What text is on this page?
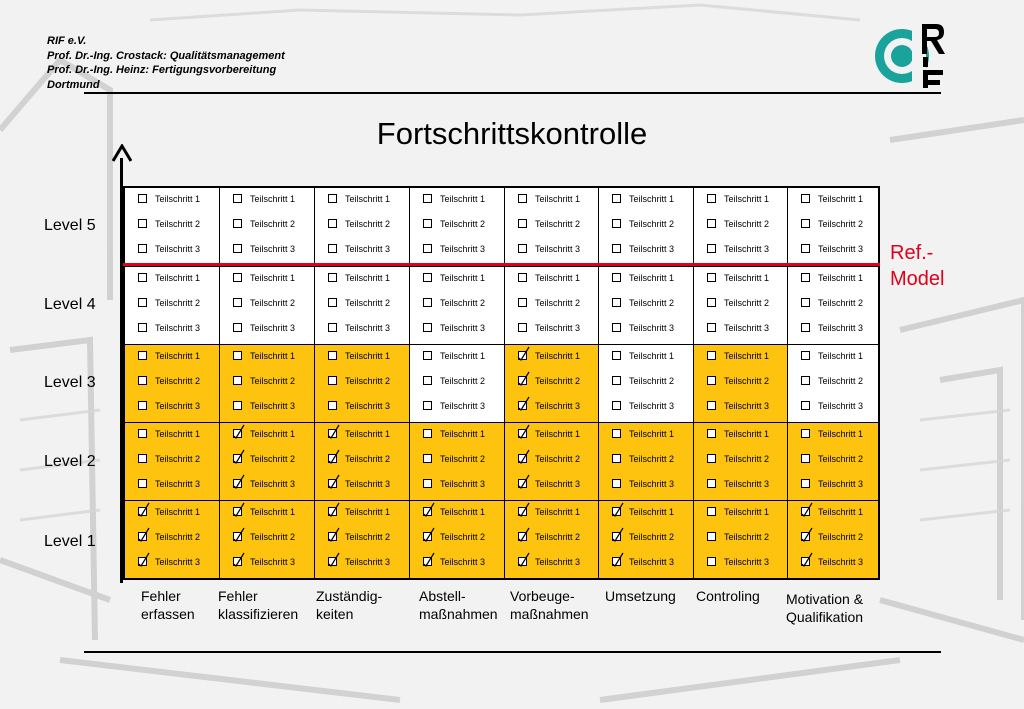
RIF e.V.
Prof. Dr.-Ing. Crostack: Qualitätsmanagement
Prof. Dr.-Ing. Heinz: Fertigungsvorbereitung
Dortmund
Fortschrittskontrolle
Level 5
Level 4
Level 3
Level 2
Level 1
Teilschritt 1
Teilschritt 2
Teilschritt 3
Teilschritt 1
Teilschritt 2
Teilschritt 3
Teilschritt 1
Teilschritt 2
Teilschritt 3
Teilschritt 1
Teilschritt 2
Teilschritt 3
Teilschritt 1
Teilschritt 2
Teilschritt 3
Teilschritt 1
Teilschritt 2
Teilschritt 3
Teilschritt 1
Teilschritt 2
Teilschritt 3
Teilschritt 1
Teilschritt 2
Teilschritt 3
Teilschritt 1
Teilschritt 2
Teilschritt 3
Teilschritt 1
Teilschritt 2
Teilschritt 3
Teilschritt 1
Teilschritt 2
Teilschritt 3
Teilschritt 1
Teilschritt 2
Teilschritt 3
Teilschritt 1
Teilschritt 2
Teilschritt 3
Teilschritt 1
Teilschritt 2
Teilschritt 3
Teilschritt 1
Teilschritt 2
Teilschritt 3
Teilschritt 1
Teilschritt 2
Teilschritt 3
Teilschritt 1
Teilschritt 2
Teilschritt 3
Teilschritt 1
Teilschritt 2
Teilschritt 3
Teilschritt 1
Teilschritt 2
Teilschritt 3
Teilschritt 1
Teilschritt 2
Teilschritt 3
Teilschritt 1
Teilschritt 2
Teilschritt 3
Teilschritt 1
Teilschritt 2
Teilschritt 3
Teilschritt 1
Teilschritt 2
Teilschritt 3
Teilschritt 1
Teilschritt 2
Teilschritt 3
Teilschritt 1
Teilschritt 2
Teilschritt 3
Teilschritt 1
Teilschritt 2
Teilschritt 3
Teilschritt 1
Teilschritt 2
Teilschritt 3
Teilschritt 1
Teilschritt 2
Teilschritt 3
Teilschritt 1
Teilschritt 2
Teilschritt 3
Teilschritt 1
Teilschritt 2
Teilschritt 3
Teilschritt 1
Teilschritt 2
Teilschritt 3
Teilschritt 1
Teilschritt 2
Teilschritt 3
Teilschritt 1
Teilschritt 2
Teilschritt 3
Teilschritt 1
Teilschritt 2
Teilschritt 3
Teilschritt 1
Teilschritt 2
Teilschritt 3
Teilschritt 1
Teilschritt 2
Teilschritt 3
Teilschritt 1
Teilschritt 2
Teilschritt 3
Teilschritt 1
Teilschritt 2
Teilschritt 3
Teilschritt 1
Teilschritt 2
Teilschritt 3
Teilschritt 1
Teilschritt 2
Teilschritt 3
Ref.-
Model
Fehler
erfassen
Fehler
klassifizieren
Zuständig-
keiten
Abstell-
maßnahmen
Vorbeuge-
maßnahmen
Umsetzung Controling Motivation &
Qualifikation
